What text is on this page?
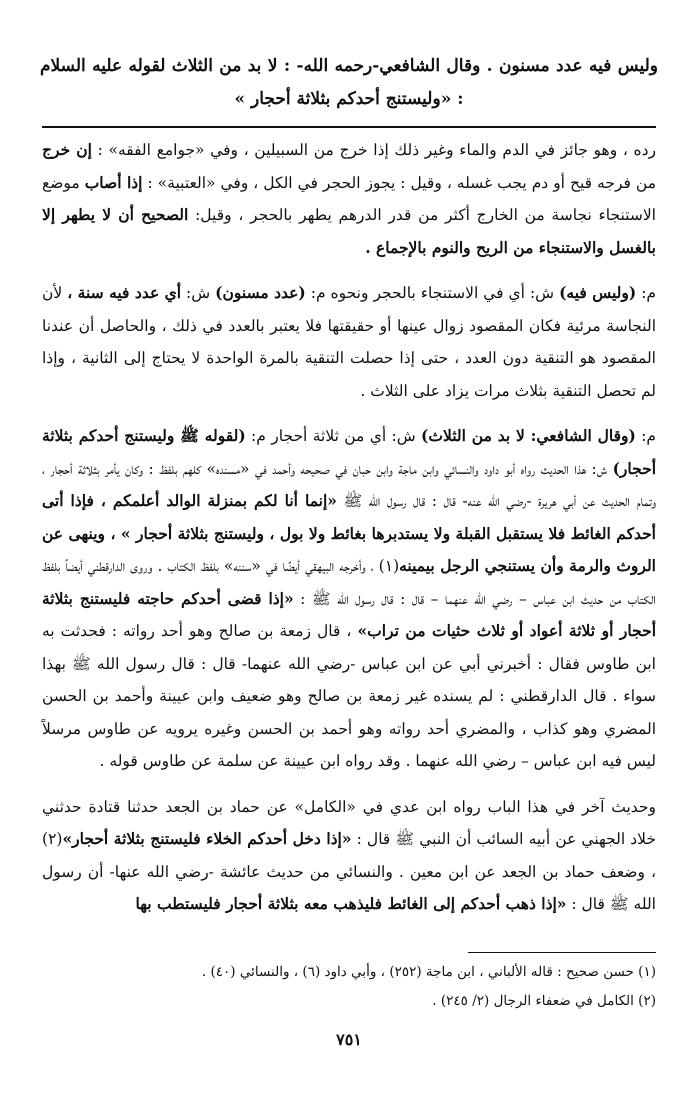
وليس فيه عدد مسنون . وقال الشافعي-رحمه الله- : لا بد من الثلاث لقوله عليه السلام : «وليستنج أحدكم بثلاثة أحجار »

رده ، وهو جائز في الدم والماء وغير ذلك إذا خرج من السبيلين ، وفي «جوامع الفقه» : إن خرج من فرجه قيح أو دم يجب غسله ، وقيل : يجوز الحجر في الكل ، وفي «العتبية» : إذا أصاب موضع الاستنجاء نجاسة من الخارج أكثر من قدر الدرهم يطهر بالحجر ، وقيل: الصحيح أن لا يطهر إلا بالغسل والاستنجاء من الريح والنوم بالإجماع .

م: (وليس فيه) ش: أي في الاستنجاء بالحجر ونحوه م: (عدد مسنون) ش: أي عدد فيه سنة ، لأن النجاسة مرئية فكان المقصود زوال عينها أو حقيقتها فلا يعتبر بالعدد في ذلك ، والحاصل أن عندنا المقصود هو التنقية دون العدد ، حتى إذا حصلت التنقية بالمرة الواحدة لا يحتاج إلى الثانية ، وإذا لم تحصل التنقية بثلاث مرات يزاد على الثلاث .

م: (وقال الشافعي: لا بد من الثلاث) ش: أي من ثلاثة أحجار م: (لقوله ﷺ وليستنج أحدكم بثلاثة أحجار) ش: هذا الحديث رواه أبو داود والنسائي وابن ماجة وابن حبان في صحيحه وأحمد في «مسنده» كلهم بلفظ : وكان يأمر بثلاثة أحجار ، وتمام الحديث عن أبي هريرة -رضي الله عنه- قال : قال رسول الله ﷺ «إنما أنا لكم بمنزلة الوالد أعلمكم ، فإذا أتى أحدكم الغائط فلا يستقبل القبلة ولا يستدبرها بغائط ولا بول ، وليستنج بثلاثة أحجار » ، وينهى عن الروث والرمة وأن يستنجي الرجل بيمينه(١) ، وأخرجه البيهقي أيضًا في «سننه» بلفظ الكتاب . وروى الدارقطني أيضاً بلفظ الكتاب من حديث ابن عباس – رضي الله عنهما – قال : قال رسول الله ﷺ : «إذا قضى أحدكم حاجته فليستنج بثلاثة أحجار أو ثلاثة أعواد أو ثلاث حثيات من تراب» ، قال زمعة بن صالح وهو أحد رواته : فحدثت به ابن طاوس فقال : أخبرني أبي عن ابن عباس -رضي الله عنهما- قال : قال رسول الله ﷺ بهذا سواء . قال الدارقطني : لم يسنده غير زمعة بن صالح وهو ضعيف وابن عيينة وأحمد بن الحسن المضري وهو كذاب ، والمضري أحد رواته وهو أحمد بن الحسن وغيره يرويه عن طاوس مرسلاً ليس فيه ابن عباس – رضي الله عنهما . وقد رواه ابن عيينة عن سلمة عن طاوس قوله .

وحديث آخر في هذا الباب رواه ابن عدي في «الكامل» عن حماد بن الجعد حدثنا قتادة حدثني خلاد الجهني عن أبيه السائب أن النبي ﷺ قال : «إذا دخل أحدكم الخلاء فليستنج بثلاثة أحجار»(٢) ، وضعف حماد بن الجعد عن ابن معين . والنسائي من حديث عائشة -رضي الله عنها- أن رسول الله ﷺ قال : «إذا ذهب أحدكم إلى الغائط فليذهب معه بثلاثة أحجار فليستطب بها

(١) حسن صحيح : قاله الألباني ، ابن ماجة (٢٥٢) ، وأبي داود (٦) ، والنسائي (٤٠) .

(٢) الكامل في ضعفاء الرجال (٢/ ٢٤٥) .

٧٥١
